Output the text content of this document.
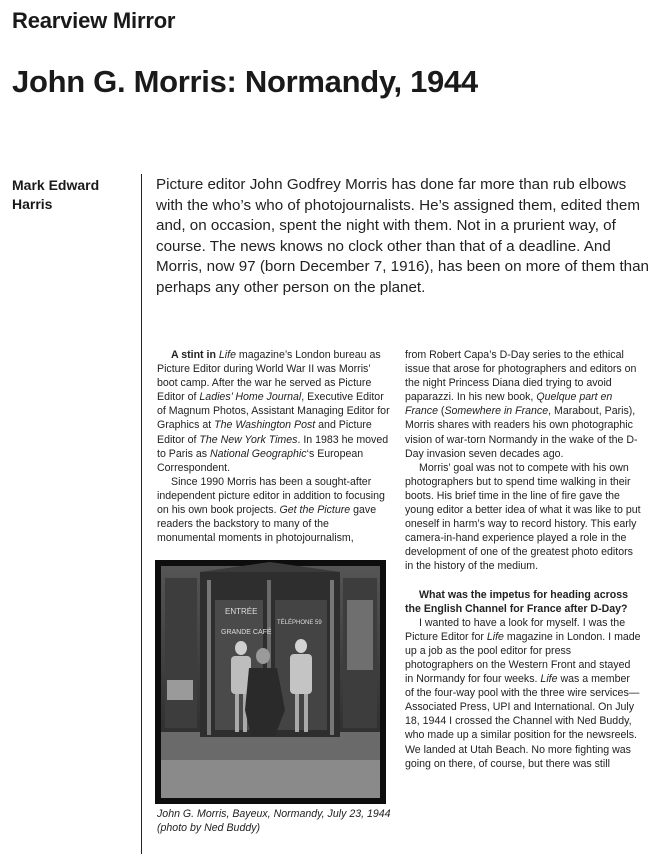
Rearview Mirror
John G. Morris: Normandy, 1944
Mark Edward Harris
Picture editor John Godfrey Morris has done far more than rub elbows with the who’s who of photojournalists. He’s assigned them, edited them and, on occasion, spent the night with them. Not in a prurient way, of course. The news knows no clock other than that of a deadline. And Morris, now 97 (born December 7, 1916), has been on more of them than perhaps any other person on the planet.

A stint in Life magazine’s London bureau as Picture Editor during World War II was Morris’ boot camp. After the war he served as Picture Editor of Ladies’ Home Journal, Executive Editor of Magnum Photos, Assistant Managing Editor for Graphics at The Washington Post and Picture Editor of The New York Times. In 1983 he moved to Paris as National Geographic‘s European Correspondent.

Since 1990 Morris has been a sought-after independent picture editor in addition to focusing on his own book projects. Get the Picture gave readers the backstory to many of the monumental moments in photojournalism,

ENTRÉE
GRANDE CAFÉ
TÉLÉPHONE 59
John G. Morris, Bayeux, Normandy, July 23, 1944 (photo by Ned Buddy)

from Robert Capa’s D-Day series to the ethical issue that arose for photographers and editors on the night Princess Diana died trying to avoid paparazzi. In his new book, Quelque part en France (Somewhere in France, Marabout, Paris), Morris shares with readers his own photographic vision of war-torn Normandy in the wake of the D-Day invasion seven decades ago.

Morris’ goal was not to compete with his own photographers but to spend time walking in their boots. His brief time in the line of fire gave the young editor a better idea of what it was like to put oneself in harm’s way to record history. This early camera-in-hand experience played a role in the development of one of the greatest photo editors in the history of the medium.

What was the impetus for heading across the English Channel for France after D-Day?

I wanted to have a look for myself. I was the Picture Editor for Life magazine in London. I made up a job as the pool editor for press photographers on the Western Front and stayed in Normandy for four weeks. Life was a member of the four-way pool with the three wire services—Associated Press, UPI and International. On July 18, 1944 I crossed the Channel with Ned Buddy, who made up a similar position for the newsreels. We landed at Utah Beach. No more fighting was going on there, of course, but there was still
